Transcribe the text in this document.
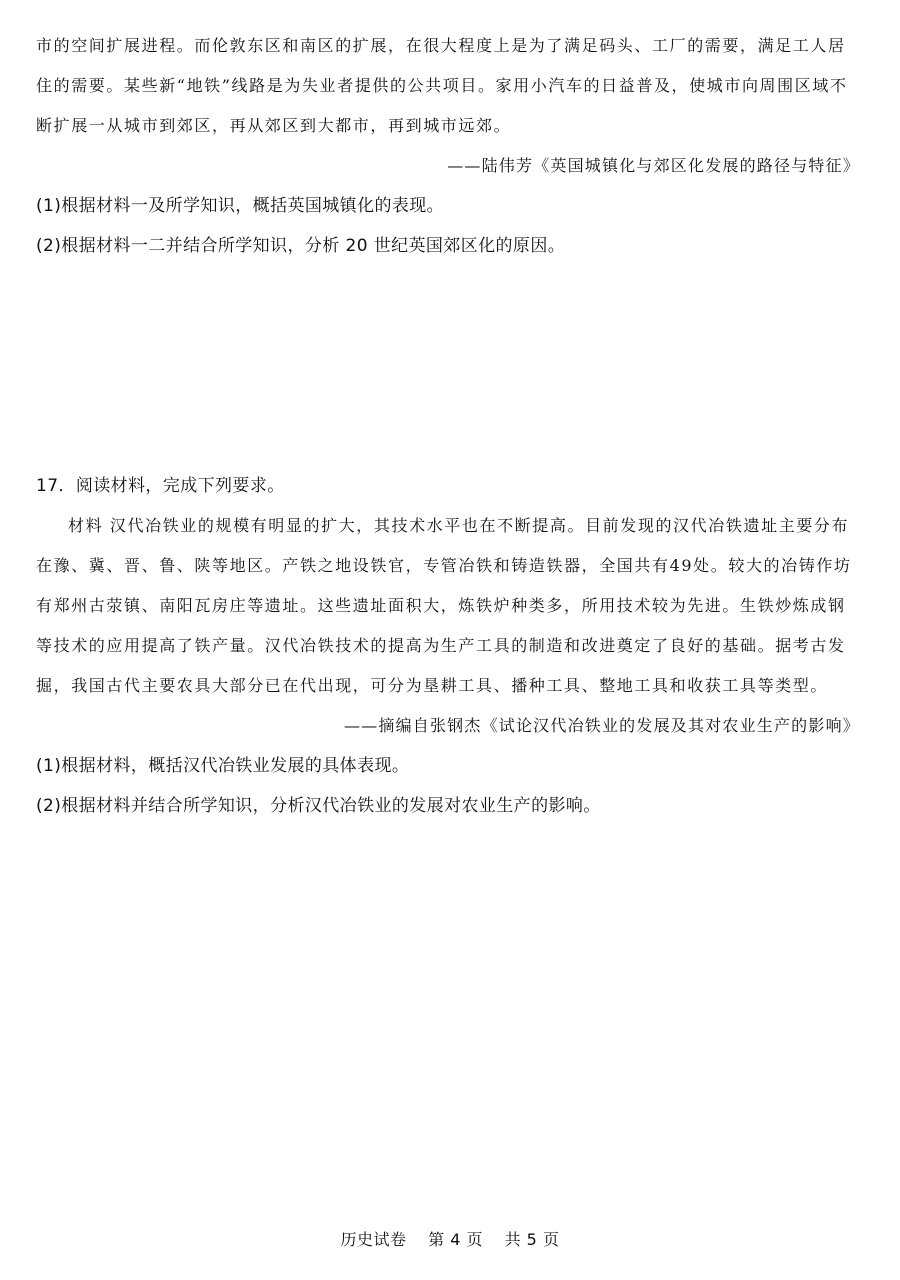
市的空间扩展进程。而伦敦东区和南区的扩展，在很大程度上是为了满足码头、工厂的需要，满足工人居
住的需要。某些新“地铁”线路是为失业者提供的公共项目。家用小汽车的日益普及，使城市向周围区域不
断扩展一从城市到郊区，再从郊区到大都市，再到城市远郊。
——陆伟芳《英国城镇化与郊区化发展的路径与特征》
(1)根据材料一及所学知识，概括英国城镇化的表现。
(2)根据材料一二并结合所学知识，分析 20 世纪英国郊区化的原因。
17．阅读材料，完成下列要求。
材料 汉代冶铁业的规模有明显的扩大，其技术水平也在不断提高。目前发现的汉代冶铁遗址主要分布
在豫、冀、晋、鲁、陕等地区。产铁之地设铁官，专管冶铁和铸造铁器，全国共有49处。较大的冶铸作坊
有郑州古荥镇、南阳瓦房庄等遗址。这些遗址面积大，炼铁炉种类多，所用技术较为先进。生铁炒炼成钢
等技术的应用提高了铁产量。汉代冶铁技术的提高为生产工具的制造和改进奠定了良好的基础。据考古发
掘，我国古代主要农具大部分已在代出现，可分为垦耕工具、播种工具、整地工具和收获工具等类型。
——摘编自张钢杰《试论汉代冶铁业的发展及其对农业生产的影响》
(1)根据材料，概括汉代冶铁业发展的具体表现。
(2)根据材料并结合所学知识，分析汉代冶铁业的发展对农业生产的影响。
历史试卷 第 4 页 共 5 页
